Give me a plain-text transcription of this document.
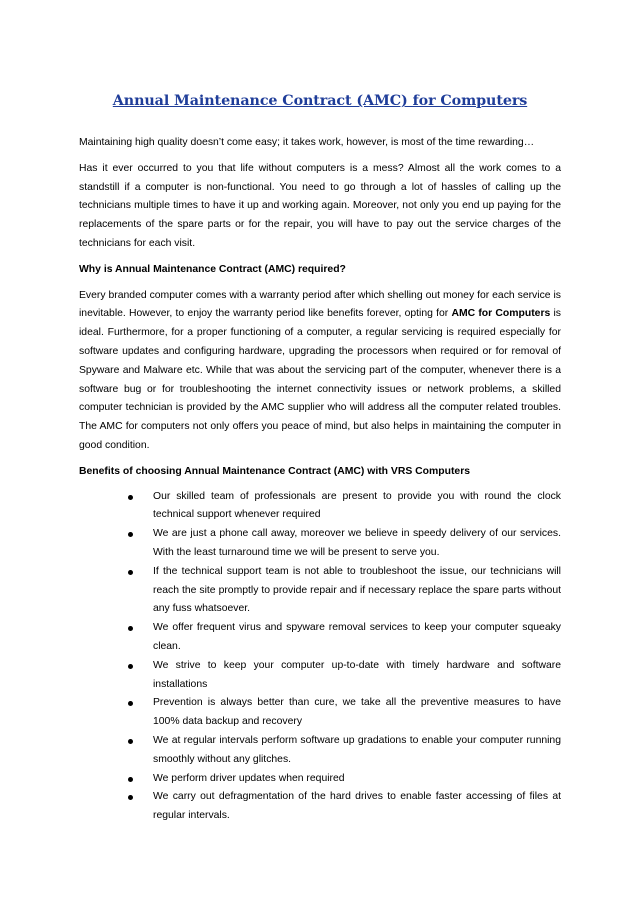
Annual Maintenance Contract (AMC) for Computers

Maintaining high quality doesn’t come easy; it takes work, however, is most of the time rewarding…

Has it ever occurred to you that life without computers is a mess? Almost all the work comes to a standstill if a computer is non-functional. You need to go through a lot of hassles of calling up the technicians multiple times to have it up and working again. Moreover, not only you end up paying for the replacements of the spare parts or for the repair, you will have to pay out the service charges of the technicians for each visit.

Why is Annual Maintenance Contract (AMC) required?

Every branded computer comes with a warranty period after which shelling out money for each service is inevitable. However, to enjoy the warranty period like benefits forever, opting for AMC for Computers is ideal. Furthermore, for a proper functioning of a computer, a regular servicing is required especially for software updates and configuring hardware, upgrading the processors when required or for removal of Spyware and Malware etc. While that was about the servicing part of the computer, whenever there is a software bug or for troubleshooting the internet connectivity issues or network problems, a skilled computer technician is provided by the AMC supplier who will address all the computer related troubles. The AMC for computers not only offers you peace of mind, but also helps in maintaining the computer in good condition.

Benefits of choosing Annual Maintenance Contract (AMC) with VRS Computers

Our skilled team of professionals are present to provide you with round the clock technical support whenever required
We are just a phone call away, moreover we believe in speedy delivery of our services. With the least turnaround time we will be present to serve you.
If the technical support team is not able to troubleshoot the issue, our technicians will reach the site promptly to provide repair and if necessary replace the spare parts without any fuss whatsoever.
We offer frequent virus and spyware removal services to keep your computer squeaky clean.
We strive to keep your computer up-to-date with timely hardware and software installations
Prevention is always better than cure, we take all the preventive measures to have 100% data backup and recovery
We at regular intervals perform software up gradations to enable your computer running smoothly without any glitches.
We perform driver updates when required
We carry out defragmentation of the hard drives to enable faster accessing of files at regular intervals.
